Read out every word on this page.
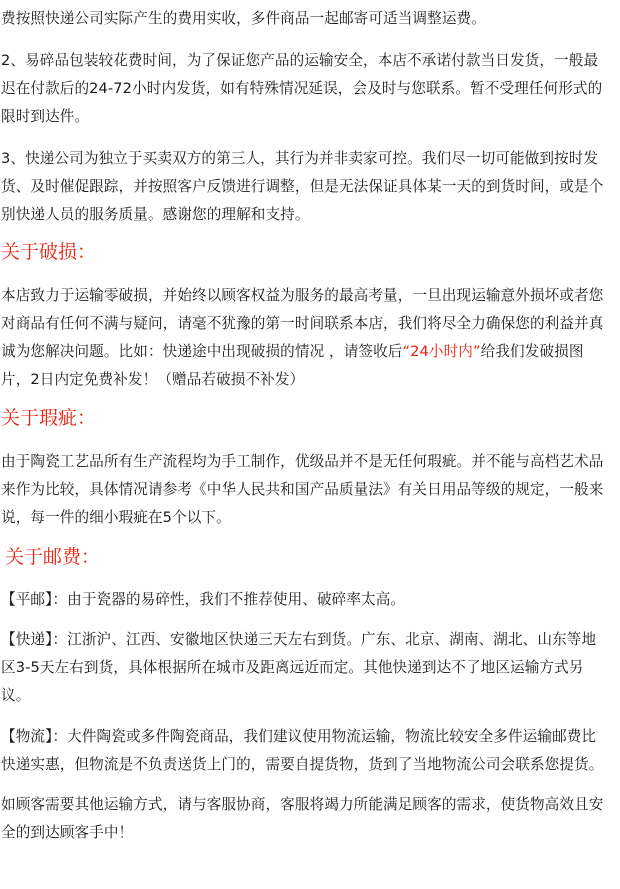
费按照快递公司实际产生的费用实收，多件商品一起邮寄可适当调整运费。

2、易碎品包装较花费时间，为了保证您产品的运输安全，本店不承诺付款当日发货，一般最
迟在付款后的24-72小时内发货，如有特殊情况延误，会及时与您联系。暂不受理任何形式的
限时到达件。

3、快递公司为独立于买卖双方的第三人，其行为并非卖家可控。我们尽一切可能做到按时发
货、及时催促跟踪，并按照客户反馈进行调整，但是无法保证具体某一天的到货时间，或是个
别快递人员的服务质量。感谢您的理解和支持。

关于破损：

本店致力于运输零破损，并始终以顾客权益为服务的最高考量，一旦出现运输意外损坏或者您
对商品有任何不满与疑问，请毫不犹豫的第一时间联系本店，我们将尽全力确保您的利益并真
诚为您解决问题。比如：快递途中出现破损的情况 ，请签收后“24小时内”给我们发破损图
片，2日内定免费补发！（赠品若破损不补发）

关于瑕疵：

由于陶瓷工艺品所有生产流程均为手工制作，优级品并不是无任何瑕疵。并不能与高档艺术品
来作为比较，具体情况请参考《中华人民共和国产品质量法》有关日用品等级的规定，一般来
说，每一件的细小瑕疵在5个以下。

关于邮费：

【平邮】：由于瓷器的易碎性，我们不推荐使用、破碎率太高。

【快递】：江浙沪、江西、安徽地区快递三天左右到货。广东、北京、湖南、湖北、山东等地
区3-5天左右到货，具体根据所在城市及距离远近而定。其他快递到达不了地区运输方式另
议。

【物流】：大件陶瓷或多件陶瓷商品，我们建议使用物流运输，物流比较安全多件运输邮费比
快递实惠，但物流是不负责送货上门的，需要自提货物，货到了当地物流公司会联系您提货。

如顾客需要其他运输方式，请与客服协商，客服将竭力所能满足顾客的需求，使货物高效且安
全的到达顾客手中！
